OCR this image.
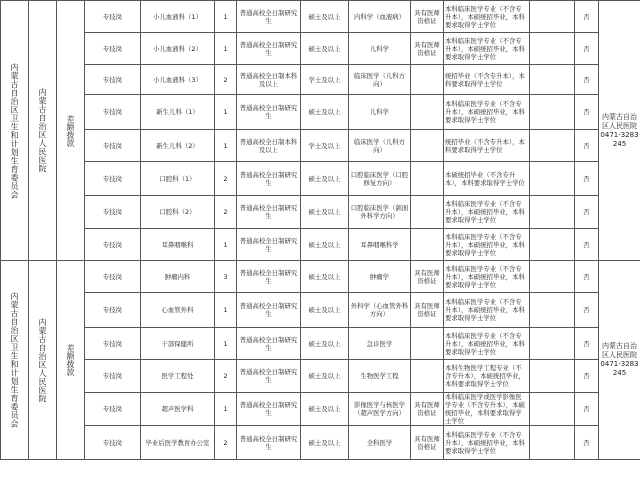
内蒙古自治区卫生和计划生育委员会	内蒙古自治区人民医院	差额拨款	专技岗	小儿血液科（1）	1	普通高校全日制研究生	硕士及以上	内科学（血液病）	具有医师资格证	本科临床医学专业（不含专升本），本硕统招毕业，本科要求取得学士学位		否	内蒙古自治区人民医院
0471-3283245

			专技岗	小儿血液科（2）	1	普通高校全日制研究生	硕士及以上	儿科学	具有医师资格证	本科临床医学专业（不含专升本），本硕统招毕业，本科要求取得学士学位		否	
			专技岗	小儿血液科（3）	2	普通高校全日制本科及以上	学士及以上	临床医学（儿科方向）		统招毕业（不含专升本），本科要求取得学士学位		否	
			专技岗	新生儿科（1）	1	普通高校全日制研究生	硕士及以上	儿科学		本科临床医学专业（不含专升本），本硕统招毕业，本科要求取得学士学位		否	
			专技岗	新生儿科（2）	1	普通高校全日制本科及以上	学士及以上	临床医学（儿科方向）		统招毕业（不含专升本），本科要求取得学士学位		否	
			专技岗	口腔科（1）	2	普通高校全日制研究生	硕士及以上	口腔临床医学（口腔修复方向）		本硕统招毕业（不含专升本），本科要求取得学士学位		否	
			专技岗	口腔科（2）	2	普通高校全日制研究生	硕士及以上	口腔临床医学（颌面外科学方向）		本科临床医学专业（不含专升本），本硕统招毕业，本科要求取得学士学位		否	
			专技岗	耳鼻咽喉科	1	普通高校全日制研究生	硕士及以上	耳鼻咽喉科学		本科临床医学专业（不含专升本），本硕统招毕业，本科要求取得学士学位		否	

内蒙古自治区卫生和计划生育委员会	内蒙古自治区人民医院	差额拨款	专技岗	肿瘤内科	3	普通高校全日制研究生	硕士及以上	肿瘤学	具有医师资格证	本科临床医学专业（不含专升本），本硕统招毕业，本科要求取得学士学位		否	内蒙古自治区人民医院
0471-3283245

			专技岗	心血管外科	1	普通高校全日制研究生	硕士及以上	外科学（心血管外科方向）	具有医师资格证	本科临床医学专业（不含专升本），本硕统招毕业，本科要求取得学士学位		否	
			专技岗	干部保健所	1	普通高校全日制研究生	硕士及以上	急诊医学		本科临床医学专业（不含专升本），本硕统招毕业，本科要求取得学士学位		否	
			专技岗	医学工程处	2	普通高校全日制研究生	硕士及以上	生物医学工程		本科生物医学工程专业（不含专升本），本硕统招毕业，本科要求取得学士学位		否	
			专技岗	超声医学科	1	普通高校全日制研究生	硕士及以上	影像医学与核医学（超声医学方向）	具有医师资格证	本科临床医学或医学影像医学专业（不含专升本），本硕统招毕业，本科要求取得学士学位		否	
			专技岗	毕业后医学教育办公室	2	普通高校全日制研究生	硕士及以上	全科医学	具有医师资格证	本科临床医学专业（不含专升本），本硕统招毕业，本科要求取得学士学位		否	
